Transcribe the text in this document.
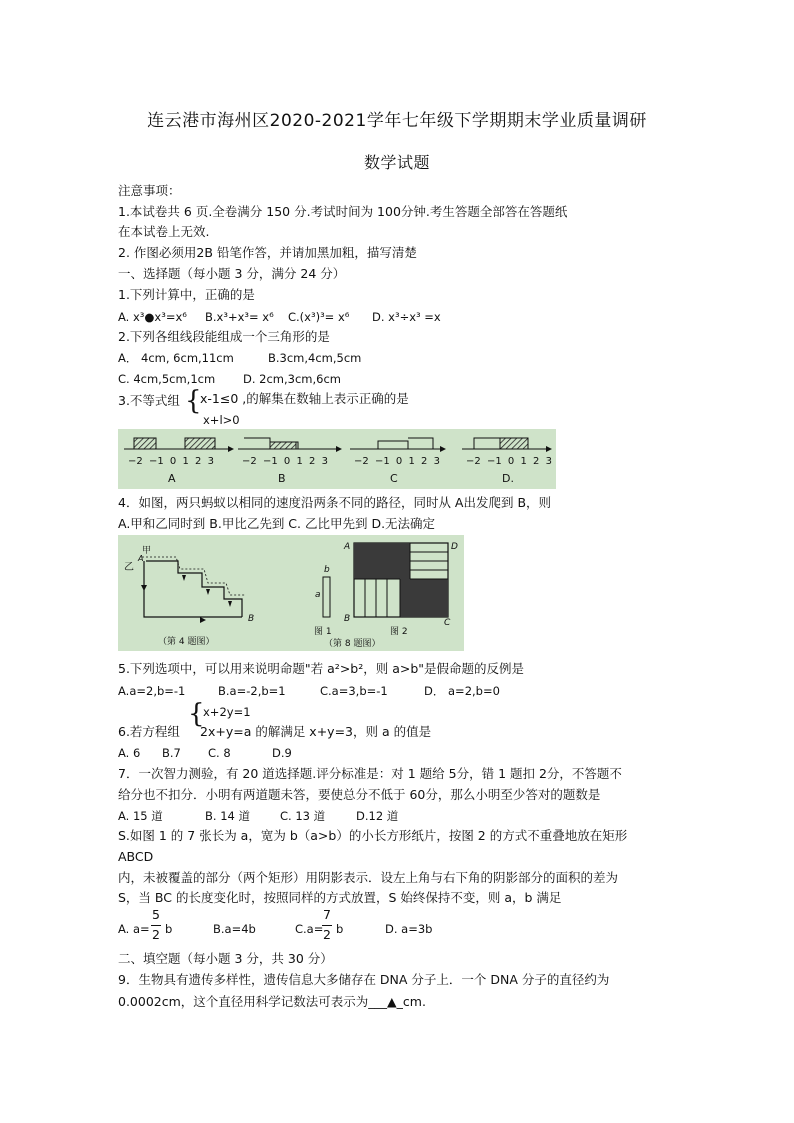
连云港市海州区2020-2021学年七年级下学期期末学业质量调研
数学试题
注意事项：
1.本试卷共 6 页.全卷满分 150 分.考试时间为 100分钟.考生答题全部答在答题纸
在本试卷上无效.
2. 作图必须用2B 铅笔作答，并请加黑加粗，描写清楚
一、选择题（每小题 3 分，满分 24 分）
1.下列计算中，正确的是
A. x³●x³=x⁶ B.x³+x³= x⁶ C.(x³)³= x⁶ D. x³÷x³ =x
2.下列各组线段能组成一个三角形的是
A． 4cm, 6cm,11cm	B.3cm,4cm,5cm
C. 4cm,5cm,1cm D. 2cm,3cm,6cm
3.不等式组 {
x-1≤0 ,的解集在数轴上表示正确的是
x+l>0
−2 −1 0 1 2 3	−2 −1 0 1 2 3	−2 −1 0 1 2 3	−2 −1 0 1 2 3
A	B	C	D.
4．如图，两只蚂蚁以相同的速度沿两条不同的路径，同时从 A出发爬到 B，则
A.甲和乙同时到 B.甲比乙先到 C. 乙比甲先到 D.无法确定
甲
乙
A
B
（第 4 题图）
a
b
图 1
（第 8 题图）
图 2
A	D
B	C
5.下列选项中，可以用来说明命题"若 a²>b²，则 a>b"是假命题的反例是
A.a=2,b=-1	B.a=-2,b=1	C.a=3,b=-1	D． a=2,b=0
x+2y=1
6.若方程组
{
2x+y=a 的解满足 x+y=3，则 a 的值是
A. 6 B.7 C. 8	D.9
7．一次智力测验，有 20 道选择题.评分标准是：对 1 题给 5分，错 1 题扣 2分，不答题不
给分也不扣分．小明有两道题未答，要使总分不低于 60分，那么小明至少答对的题数是
A. 15 道	B. 14 道	C. 13 道	D.12 道
S.如图 1 的 7 张长为 a，宽为 b（a>b）的小长方形纸片，按图 2 的方式不重叠地放在矩形
ABCD
内，未被覆盖的部分（两个矩形）用阴影表示．设左上角与右下角的阴影部分的面积的差为
S，当 BC 的长度变化时，按照同样的方式放置，S 始终保持不变，则 a，b 满足
A. a=
5
2 b	B.a=4b	C.a=
7
2 b	D. a=3b
二、填空题（每小题 3 分，共 30 分）
9．生物具有遗传多样性，遗传信息大多储存在 DNA 分子上．一个 DNA 分子的直径约为
0.0002cm，这个直径用科学记数法可表示为___▲_cm.
